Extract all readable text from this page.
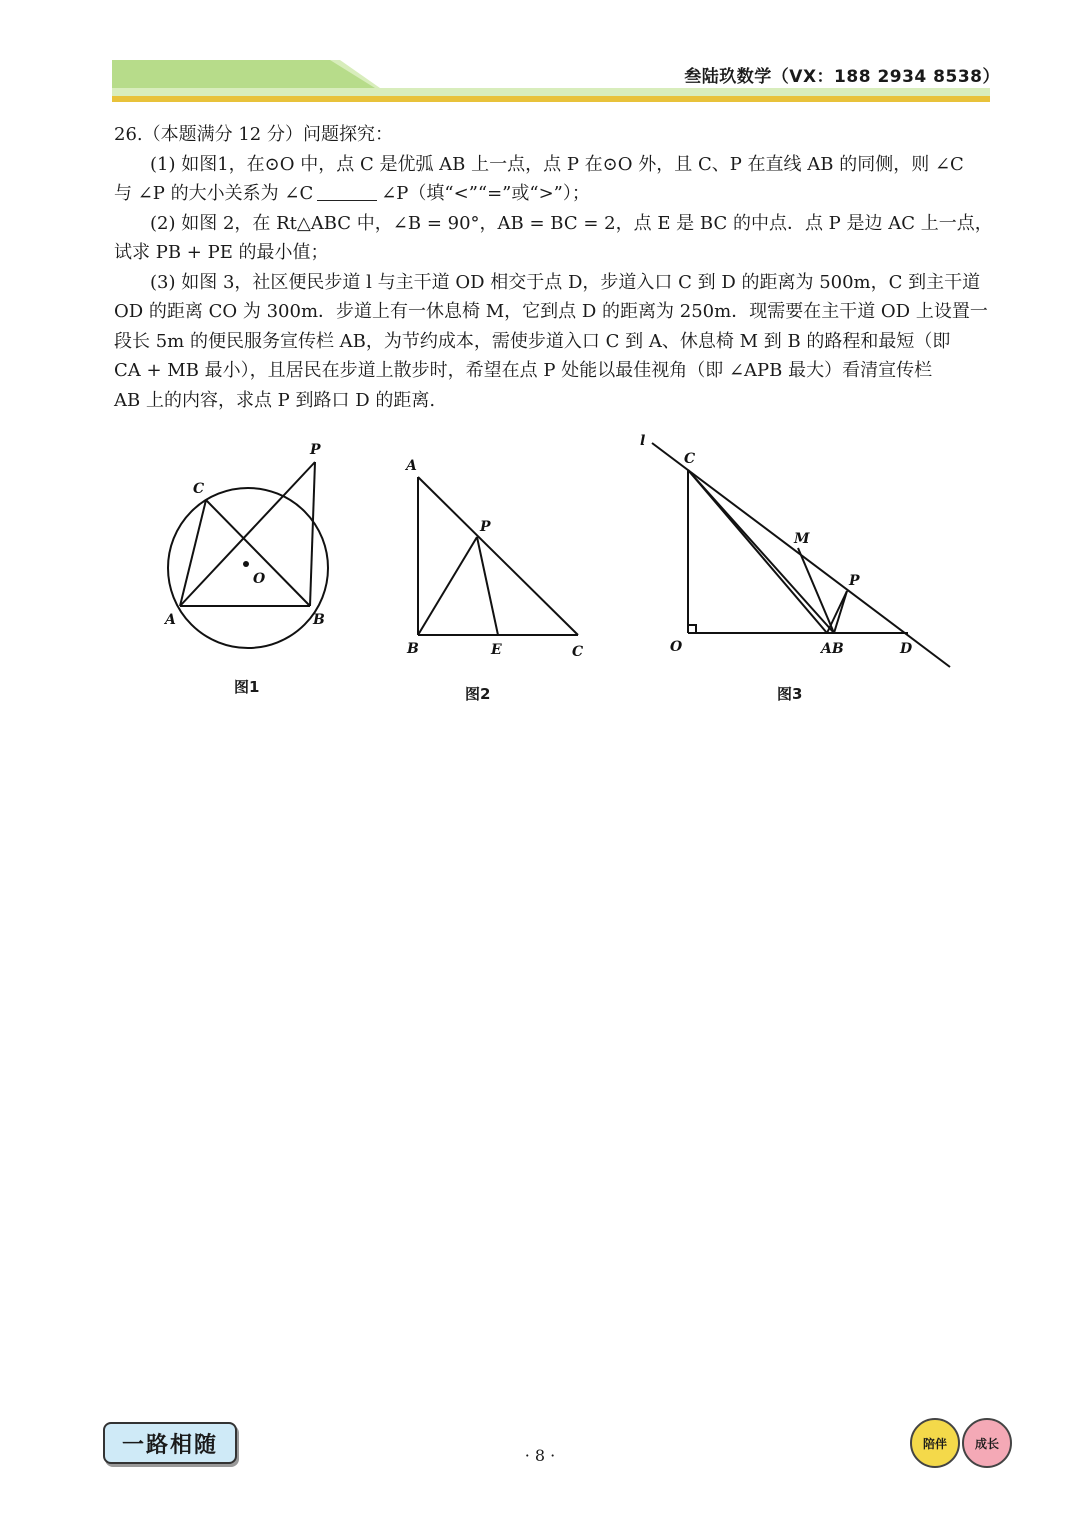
叁陆玖数学（VX：188 2934 8538）

26.（本题满分 12 分）问题探究：

(1) 如图1，在⊙O 中，点 C 是优弧 AB 上一点，点 P 在⊙O 外，且 C、P 在直线 AB 的同侧，则 ∠C

与 ∠P 的大小关系为 ∠C	∠P（填“<”“=”或“>”）；

(2) 如图 2，在 Rt△ABC 中，∠B = 90°，AB = BC = 2，点 E 是 BC 的中点．点 P 是边 AC 上一点，

试求 PB + PE 的最小值；

(3) 如图 3，社区便民步道 l 与主干道 OD 相交于点 D，步道入口 C 到 D 的距离为 500m，C 到主干道

OD 的距离 CO 为 300m．步道上有一休息椅 M，它到点 D 的距离为 250m．现需要在主干道 OD 上设置一

段长 5m 的便民服务宣传栏 AB，为节约成本，需使步道入口 C 到 A、休息椅 M 到 B 的路程和最短（即

CA + MB 最小），且居民在步道上散步时，希望在点 P 处能以最佳视角（即 ∠APB 最大）看清宣传栏

AB 上的内容，求点 P 到路口 D 的距离.

P
C
O
A	B
图1
A
P
B	E	C
图2
l
C
M
P
O	AB	D
图3
一路相随	· 8 ·
陪伴	成长
